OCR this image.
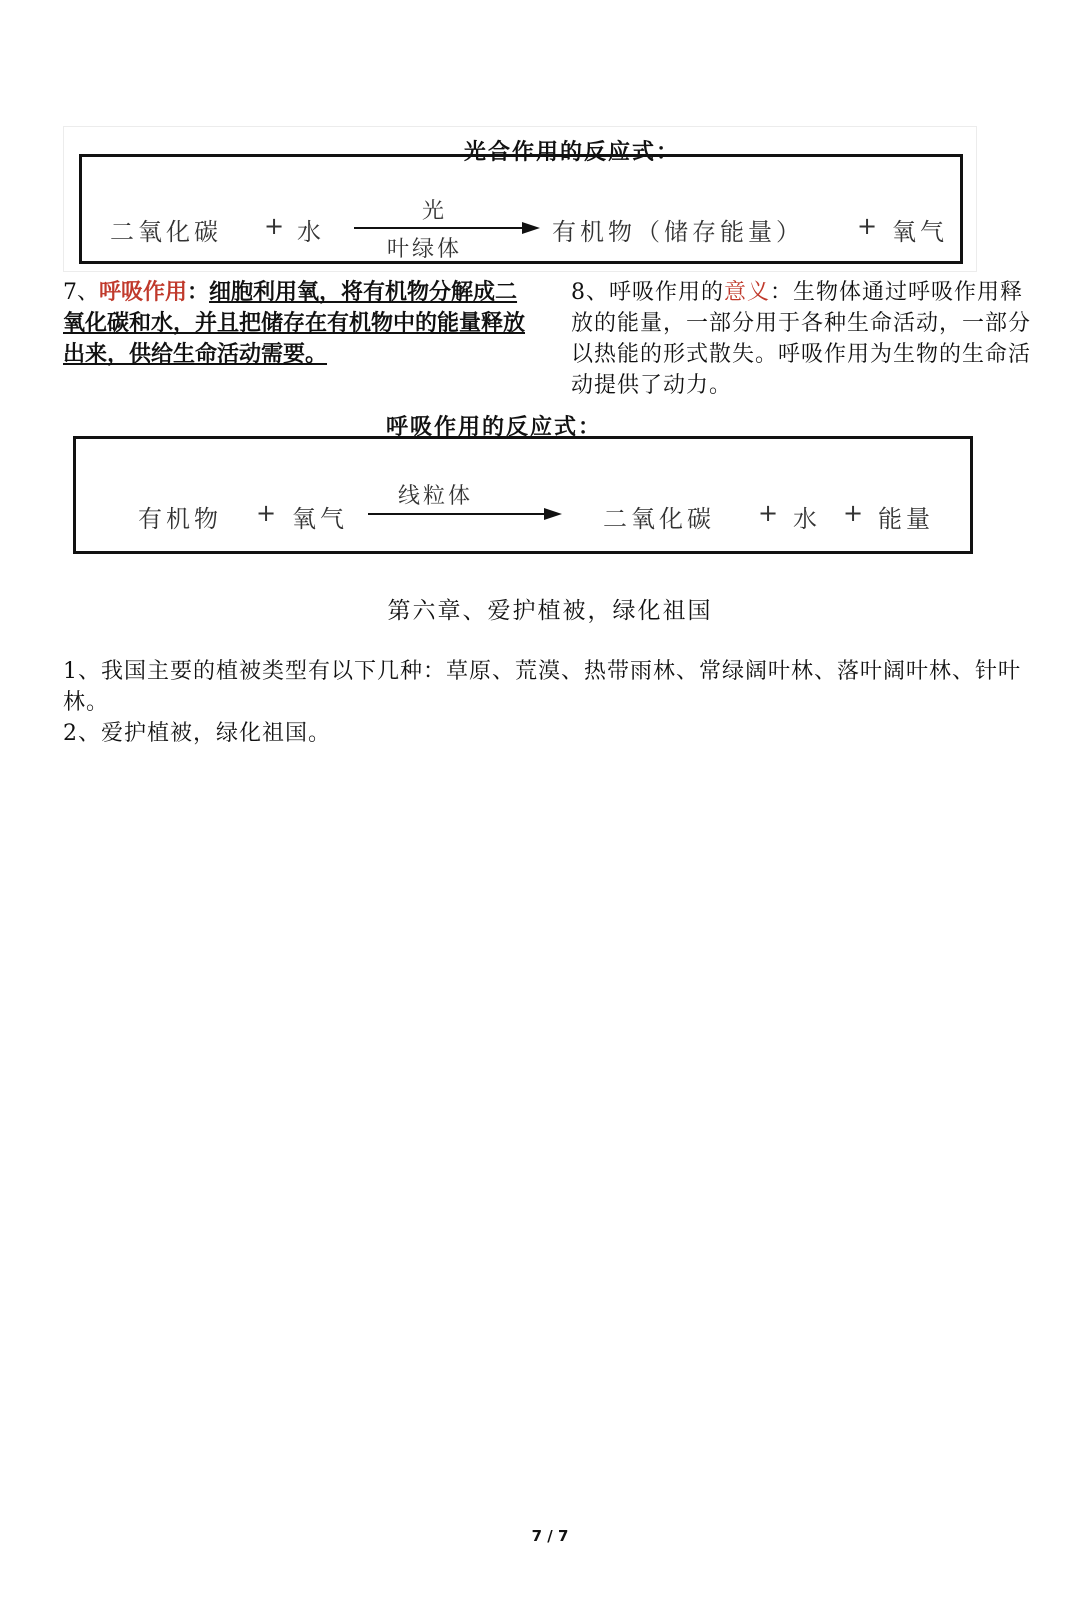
光合作用的反应式：
二氧化碳 + 水
光
叶绿体
有机物（储存能量） + 氧气
7、呼吸作用：细胞利用氧，将有机物分解成二氧化碳和水，并且把储存在有机物中的能量释放出来，供给生命活动需要。
8、呼吸作用的意义：生物体通过呼吸作用释放的能量，一部分用于各种生命活动，一部分以热能的形式散失。呼吸作用为生物的生命活动提供了动力。
呼吸作用的反应式：
有机物 + 氧气
线粒体
二氧化碳 + 水 + 能量
第六章、爱护植被，绿化祖国
1、我国主要的植被类型有以下几种：草原、荒漠、热带雨林、常绿阔叶林、落叶阔叶林、针叶林。
2、爱护植被，绿化祖国。
7 / 7
